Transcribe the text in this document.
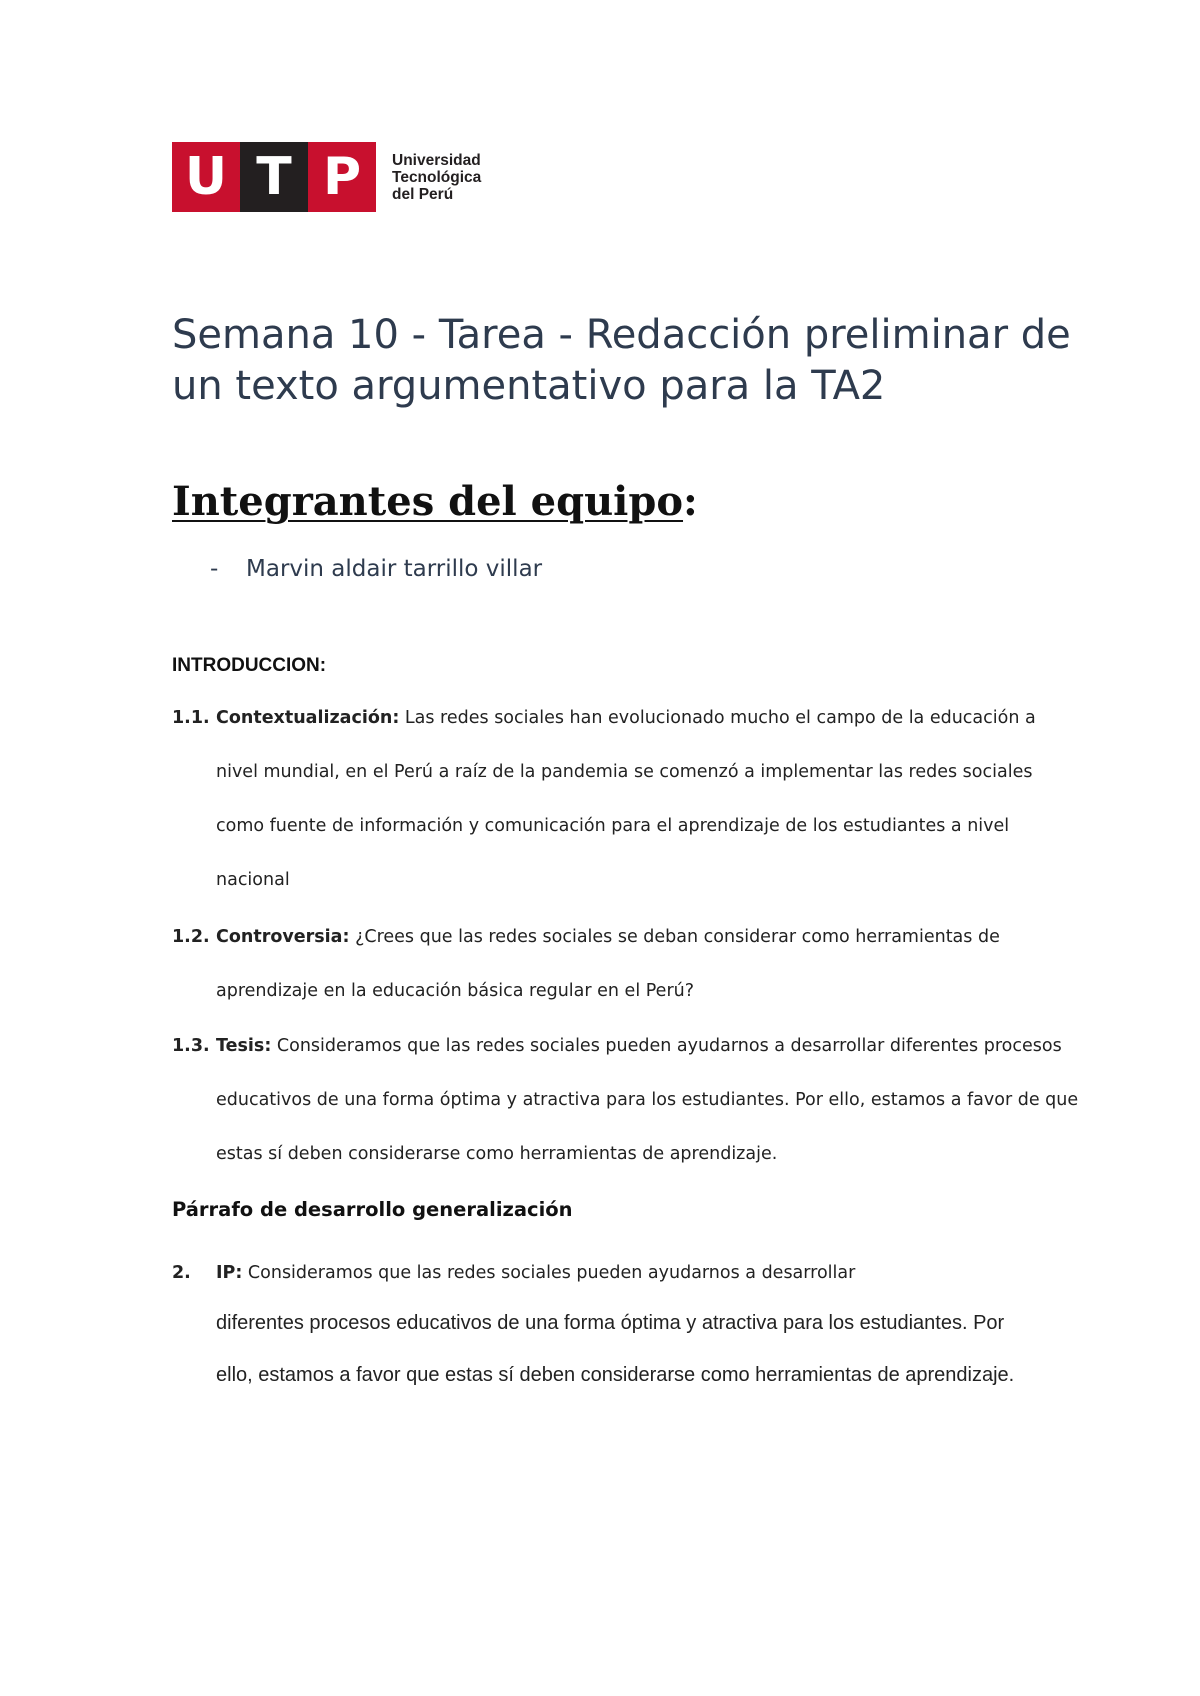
U T P	Universidad
Tecnológica
del Perú
Semana 10 - Tarea - Redacción preliminar de un texto argumentativo para la TA2
Integrantes del equipo:
- Marvin aldair tarrillo villar
INTRODUCCION:
1.1. Contextualización: Las redes sociales han evolucionado mucho el campo de la educación a
nivel mundial, en el Perú a raíz de la pandemia se comenzó a implementar las redes sociales
como fuente de información y comunicación para el aprendizaje de los estudiantes a nivel
nacional
1.2. Controversia: ¿Crees que las redes sociales se deban considerar como herramientas de
aprendizaje en la educación básica regular en el Perú?
1.3. Tesis: Consideramos que las redes sociales pueden ayudarnos a desarrollar diferentes procesos
educativos de una forma óptima y atractiva para los estudiantes. Por ello, estamos a favor de que
estas sí deben considerarse como herramientas de aprendizaje.
Párrafo de desarrollo generalización
2. IP: Consideramos que las redes sociales pueden ayudarnos a desarrollar
diferentes procesos educativos de una forma óptima y atractiva para los estudiantes. Por
ello, estamos a favor que estas sí deben considerarse como herramientas de aprendizaje.
